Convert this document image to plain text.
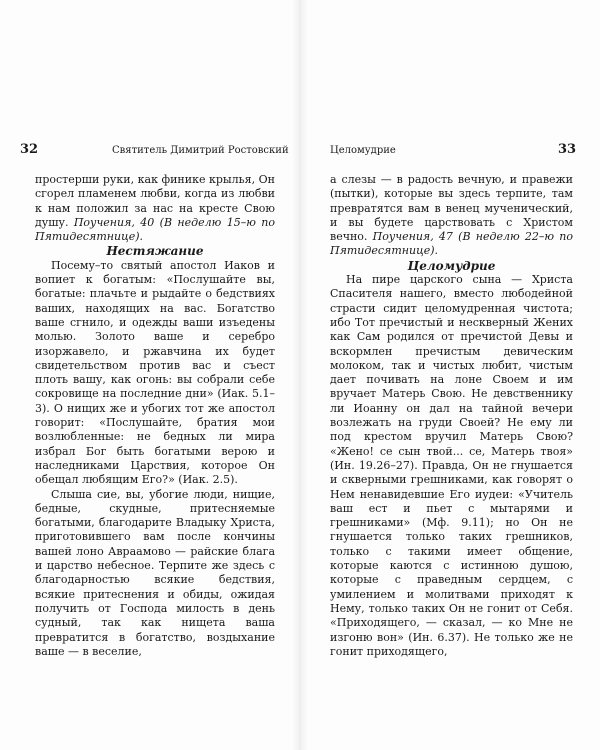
32	Святитель Димитрий Ростовский

простерши руки, как финике крылья, Он сгорел пламенем любви, когда из любви к нам положил за нас на кресте Свою душу. Поучения, 40 (В неделю 15–ю по Пятидесятнице).

Нестяжание

Посему–то святый апостол Иаков и вопиет к богатым: «Послушайте вы, богатые: плачьте и рыдайте о бедствиях ваших, находящих на вас. Богатство ваше сгнило, и одежды ваши изъедены молью. Золото ваше и серебро изоржавело, и ржавчина их будет свидетельством против вас и съест плоть вашу, как огонь: вы собрали себе сокровище на последние дни» (Иак. 5.1–3). О нищих же и убогих тот же апостол говорит: «Послушайте, братия мои возлюбленные: не бедных ли мира избрал Бог быть богатыми верою и наследниками Царствия, которое Он обещал любящим Его?» (Иак. 2.5).

Слыша сие, вы, убогие люди, нищие, бедные, скудные, притесняемые богатыми, благодарите Владыку Христа, приготовившего вам после кончины вашей лоно Авраамово — райские блага и царство небесное. Терпите же здесь с благодарностью всякие бедствия, всякие притеснения и обиды, ожидая получить от Господа милость в день судный, так как нищета ваша превратится в богатство, воздыхание ваше — в веселие,

Целомудрие	33

а слезы — в радость вечную, и правежи (пытки), которые вы здесь терпите, там превратятся вам в венец мученический, и вы будете царствовать с Христом вечно. Поучения, 47 (В неделю 22–ю по Пятидесятнице).

Целомудрие

На пире царского сына — Христа Спасителя нашего, вместо любодейной страсти сидит целомудренная чистота; ибо Тот пречистый и нескверный Жених как Сам родился от пречистой Девы и вскормлен пречистым девическим молоком, так и чистых любит, чистым дает почивать на лоне Своем и им вручает Матерь Свою. Не девственнику ли Иоанну он дал на тайной вечери возлежать на груди Своей? Не ему ли под крестом вручил Матерь Свою? «Жено! се сын твой... се, Матерь твоя» (Ин. 19.26–27). Правда, Он не гнушается и скверными грешниками, как говорят о Нем ненавидевшие Его иудеи: «Учитель ваш ест и пьет с мытарями и грешниками» (Мф. 9.11); но Он не гнушается только таких грешников, только с такими имеет общение, которые каются с истинною душою, которые с праведным сердцем, с умилением и молитвами приходят к Нему, только таких Он не гонит от Себя. «Приходящего, — сказал, — ко Мне не изгоню вон» (Ин. 6.37). Не только же не гонит приходящего,
